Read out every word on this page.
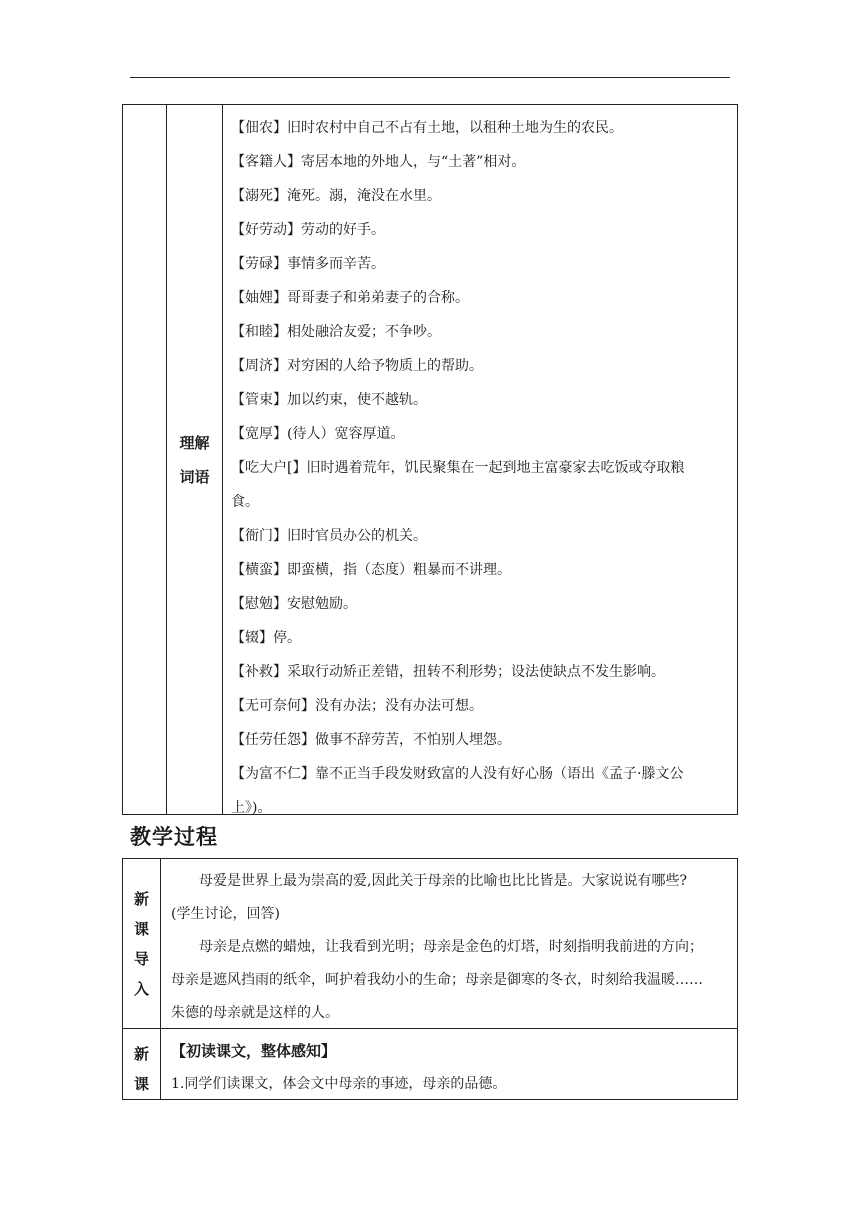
理解
词语
【佃农】旧时农村中自己不占有土地，以租种土地为生的农民。
【客籍人】寄居本地的外地人，与“土著”相对。
【溺死】淹死。溺，淹没在水里。
【好劳动】劳动的好手。
【劳碌】事情多而辛苦。
【妯娌】哥哥妻子和弟弟妻子的合称。
【和睦】相处融洽友爱；不争吵。
【周济】对穷困的人给予物质上的帮助。
【管束】加以约束，使不越轨。
【宽厚】(待人）宽容厚道。
【吃大户[】旧时遇着荒年，饥民聚集在一起到地主富豪家去吃饭或夺取粮
食。
【衙门】旧时官员办公的机关。
【横蛮】即蛮横，指（态度）粗暴而不讲理。
【慰勉】安慰勉励。
【辍】停。
【补救】采取行动矫正差错，扭转不利形势；设法使缺点不发生影响。
【无可奈何】没有办法；没有办法可想。
【任劳任怨】做事不辞劳苦，不怕别人埋怨。
【为富不仁】靠不正当手段发财致富的人没有好心肠（语出《孟子·滕文公
上》)。
教学过程
新
课
导
入
母爱是世界上最为崇高的爱,因此关于母亲的比喻也比比皆是。大家说说有哪些?
(学生讨论，回答)
母亲是点燃的蜡烛，让我看到光明；母亲是金色的灯塔，时刻指明我前进的方向；
母亲是遮风挡雨的纸伞，呵护着我幼小的生命；母亲是御寒的冬衣，时刻给我温暖……
朱德的母亲就是这样的人。
新
课
【初读课文，整体感知】
1.同学们读课文，体会文中母亲的事迹，母亲的品德。
